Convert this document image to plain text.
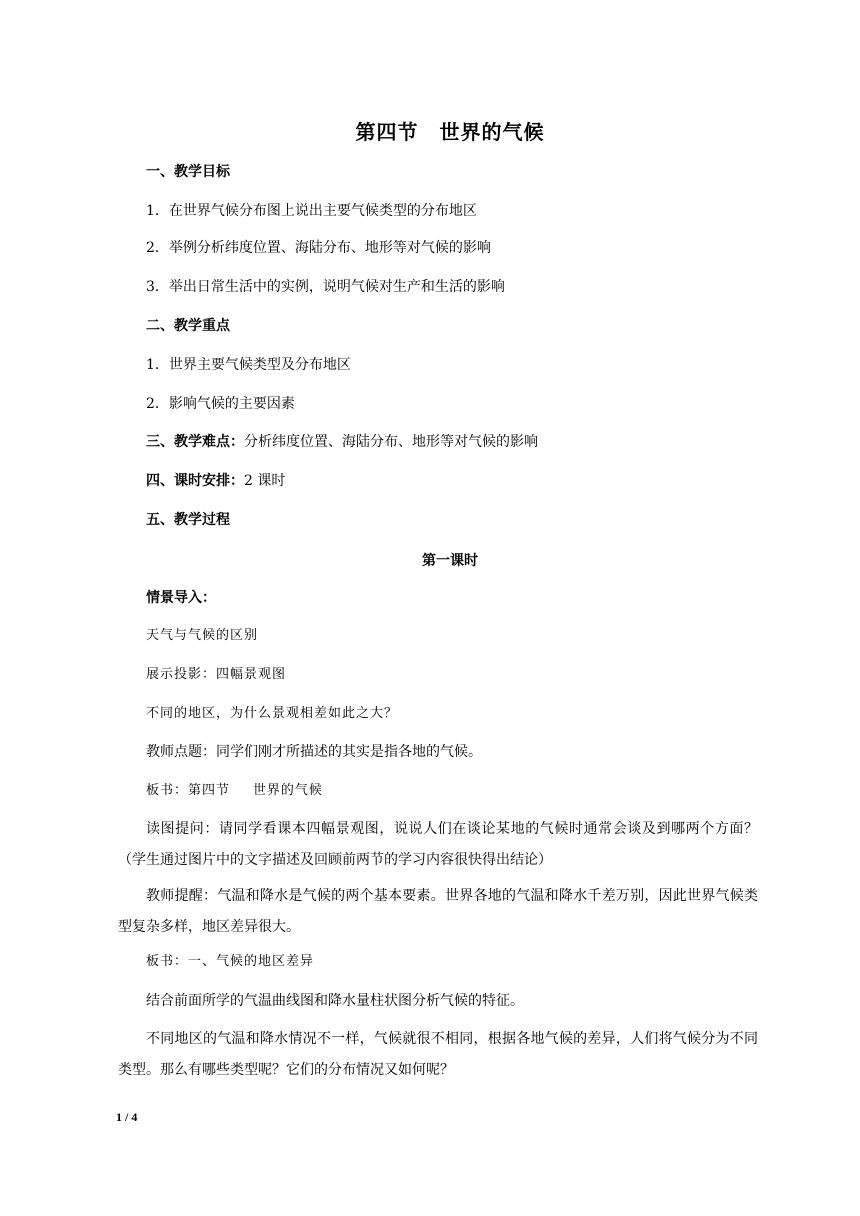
第四节　世界的气候
一、教学目标
1．在世界气候分布图上说出主要气候类型的分布地区
2．举例分析纬度位置、海陆分布、地形等对气候的影响
3．举出日常生活中的实例，说明气候对生产和生活的影响
二、教学重点
1．世界主要气候类型及分布地区
2．影响气候的主要因素
三、教学难点：分析纬度位置、海陆分布、地形等对气候的影响
四、课时安排：2 课时
五、教学过程
第一课时
情景导入：
天气与气候的区别
展示投影：四幅景观图
不同的地区，为什么景观相差如此之大？
教师点题：同学们刚才所描述的其实是指各地的气候。
板书：第四节　 世界的气候
读图提问：请同学看课本四幅景观图，说说人们在谈论某地的气候时通常会谈及到哪两个方面？（学生通过图片中的文字描述及回顾前两节的学习内容很快得出结论）
教师提醒：气温和降水是气候的两个基本要素。世界各地的气温和降水千差万别，因此世界气候类型复杂多样，地区差异很大。
板书：一、气候的地区差异
结合前面所学的气温曲线图和降水量柱状图分析气候的特征。
不同地区的气温和降水情况不一样，气候就很不相同，根据各地气候的差异，人们将气候分为不同类型。那么有哪些类型呢？它们的分布情况又如何呢？
1 / 4
